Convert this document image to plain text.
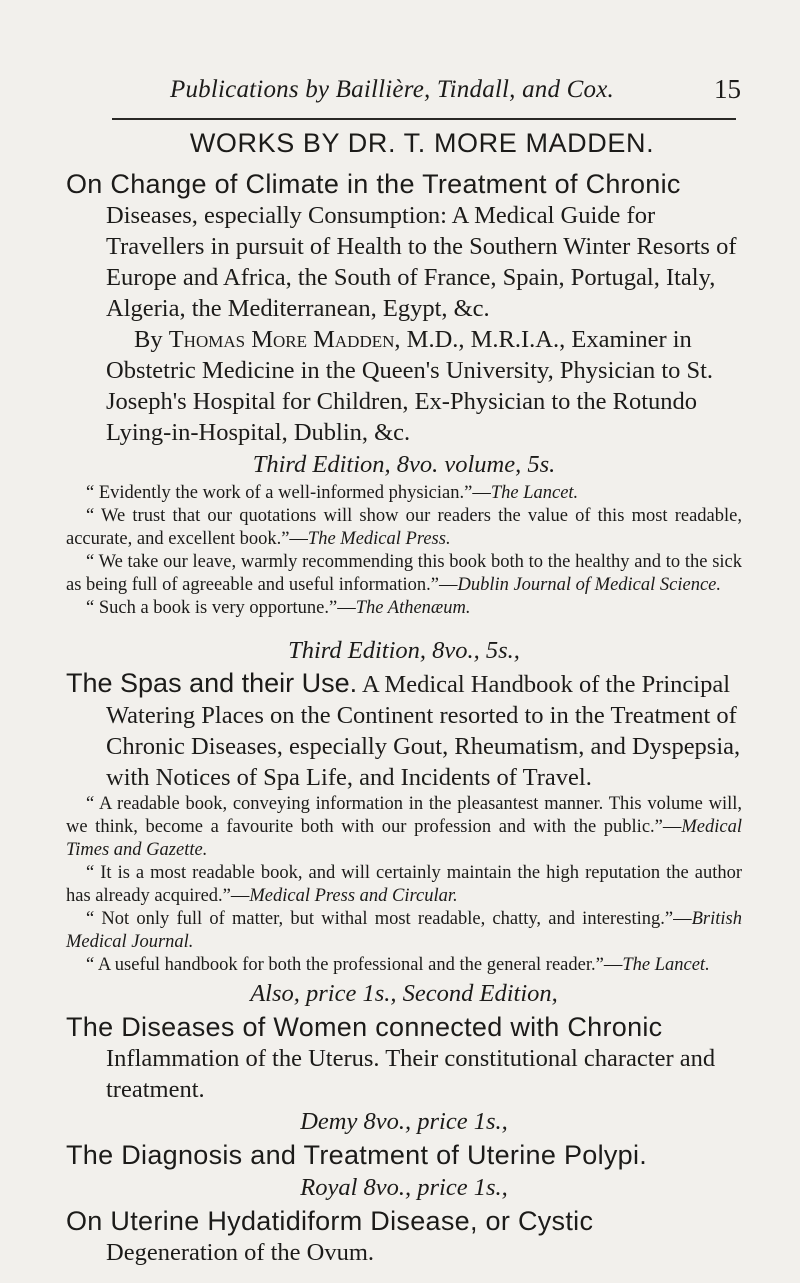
Publications by Baillière, Tindall, and Cox.	15
WORKS BY DR. T. MORE MADDEN.
On Change of Climate in the Treatment of Chronic
Diseases, especially Consumption: A Medical Guide for Travellers in pursuit of Health to the Southern Winter Resorts of Europe and Africa, the South of France, Spain, Portugal, Italy, Algeria, the Mediterranean, Egypt, &c.
By Thomas More Madden, M.D., M.R.I.A., Examiner in Obstetric Medicine in the Queen's University, Physician to St. Joseph's Hospital for Children, Ex-Physician to the Rotundo Lying-in-Hospital, Dublin, &c.
Third Edition, 8vo. volume, 5s.
“ Evidently the work of a well-informed physician.”—The Lancet.
“ We trust that our quotations will show our readers the value of this most readable, accurate, and excellent book.”—The Medical Press.
“ We take our leave, warmly recommending this book both to the healthy and to the sick as being full of agreeable and useful information.”—Dublin Journal of Medical Science.
“ Such a book is very opportune.”—The Athenæum.
Third Edition, 8vo., 5s.,
The Spas and their Use. A Medical Handbook of the Principal Watering Places on the Continent resorted to in the Treatment of Chronic Diseases, especially Gout, Rheumatism, and Dyspepsia, with Notices of Spa Life, and Incidents of Travel.
“ A readable book, conveying information in the pleasantest manner. This volume will, we think, become a favourite both with our profession and with the public.”—Medical Times and Gazette.
“ It is a most readable book, and will certainly maintain the high reputation the author has already acquired.”—Medical Press and Circular.
“ Not only full of matter, but withal most readable, chatty, and interesting.”—British Medical Journal.
“ A useful handbook for both the professional and the general reader.”—The Lancet.
Also, price 1s., Second Edition,
The Diseases of Women connected with Chronic
Inflammation of the Uterus. Their constitutional character and treatment.
Demy 8vo., price 1s.,
The Diagnosis and Treatment of Uterine Polypi.
Royal 8vo., price 1s.,
On Uterine Hydatidiform Disease, or Cystic
Degeneration of the Ovum.
